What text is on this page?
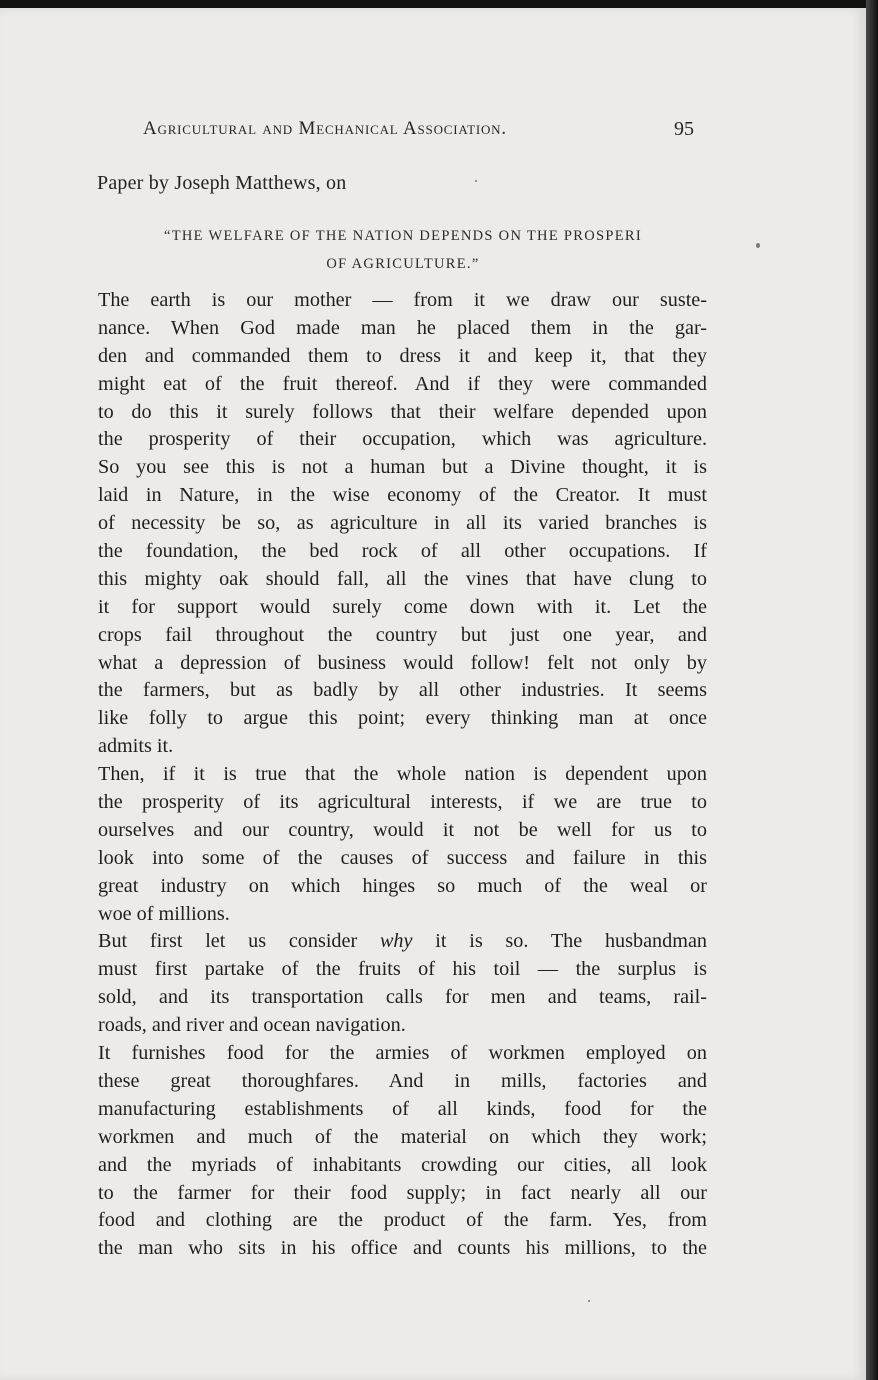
Agricultural and Mechanical Association.	95
Paper by Joseph Matthews, on
“THE WELFARE OF THE NATION DEPENDS ON THE PROSPERI
OF AGRICULTURE.”
The earth is our mother — from it we draw our suste-
nance. When God made man he placed them in the gar-
den and commanded them to dress it and keep it, that they
might eat of the fruit thereof. And if they were commanded
to do this it surely follows that their welfare depended upon
the prosperity of their occupation, which was agriculture.
So you see this is not a human but a Divine thought, it is
laid in Nature, in the wise economy of the Creator. It must
of necessity be so, as agriculture in all its varied branches is
the foundation, the bed rock of all other occupations. If
this mighty oak should fall, all the vines that have clung to
it for support would surely come down with it. Let the
crops fail throughout the country but just one year, and
what a depression of business would follow! felt not only by
the farmers, but as badly by all other industries. It seems
like folly to argue this point; every thinking man at once
admits it.
Then, if it is true that the whole nation is dependent upon
the prosperity of its agricultural interests, if we are true to
ourselves and our country, would it not be well for us to
look into some of the causes of success and failure in this
great industry on which hinges so much of the weal or
woe of millions.
But first let us consider why it is so. The husbandman
must first partake of the fruits of his toil — the surplus is
sold, and its transportation calls for men and teams, rail-
roads, and river and ocean navigation.
It furnishes food for the armies of workmen employed on
these great thoroughfares. And in mills, factories and
manufacturing establishments of all kinds, food for the
workmen and much of the material on which they work;
and the myriads of inhabitants crowding our cities, all look
to the farmer for their food supply; in fact nearly all our
food and clothing are the product of the farm. Yes, from
the man who sits in his office and counts his millions, to the
